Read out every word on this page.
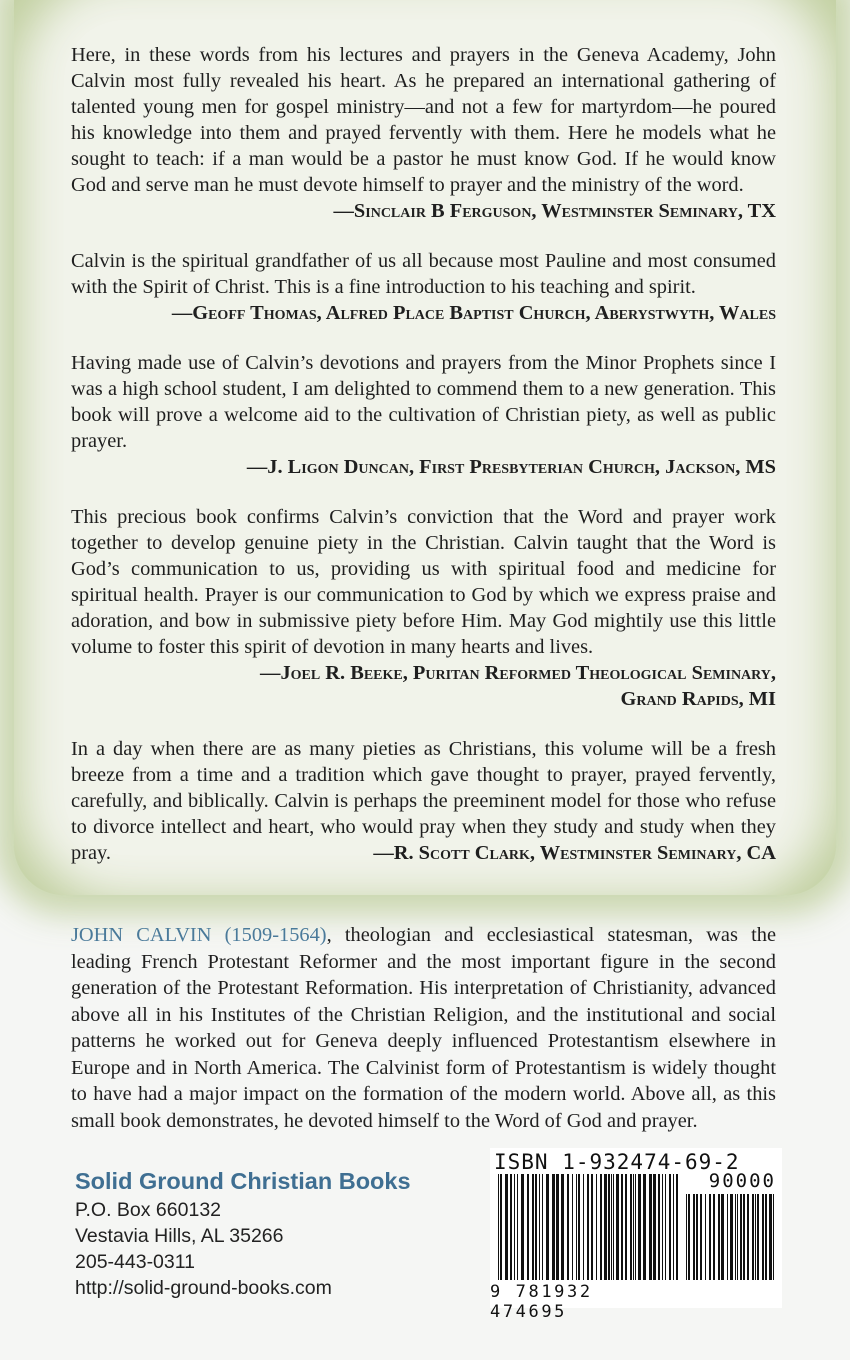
Here, in these words from his lectures and prayers in the Geneva Academy, John Calvin most fully revealed his heart. As he prepared an international gathering of talented young men for gospel ministry—and not a few for martyrdom—he poured his knowledge into them and prayed fervently with them. Here he models what he sought to teach: if a man would be a pastor he must know God. If he would know God and serve man he must devote himself to prayer and the ministry of the word.
—Sinclair B Ferguson, Westminster Seminary, TX
Calvin is the spiritual grandfather of us all because most Pauline and most consumed with the Spirit of Christ. This is a fine introduction to his teaching and spirit.
—Geoff Thomas, Alfred Place Baptist Church, Aberystwyth, Wales
Having made use of Calvin’s devotions and prayers from the Minor Prophets since I was a high school student, I am delighted to commend them to a new generation. This book will prove a welcome aid to the cultivation of Christian piety, as well as public prayer.
—J. Ligon Duncan, First Presbyterian Church, Jackson, MS
This precious book confirms Calvin’s conviction that the Word and prayer work together to develop genuine piety in the Christian. Calvin taught that the Word is God’s communication to us, providing us with spiritual food and medicine for spiritual health. Prayer is our communication to God by which we express praise and adoration, and bow in submissive piety before Him. May God mightily use this little volume to foster this spirit of devotion in many hearts and lives.
—Joel R. Beeke, Puritan Reformed Theological Seminary,
Grand Rapids, MI
In a day when there are as many pieties as Christians, this volume will be a fresh breeze from a time and a tradition which gave thought to prayer, prayed fervently, carefully, and biblically. Calvin is perhaps the preeminent model for those who refuse to divorce intellect and heart, who would pray when they study and study when they pray.	—R. Scott Clark, Westminster Seminary, CA
JOHN CALVIN (1509-1564), theologian and ecclesiastical statesman, was the leading French Protestant Reformer and the most important figure in the second generation of the Protestant Reformation. His interpretation of Christianity, advanced above all in his Institutes of the Christian Religion, and the institutional and social patterns he worked out for Geneva deeply influenced Protestantism elsewhere in Europe and in North America. The Calvinist form of Protestantism is widely thought to have had a major impact on the formation of the modern world. Above all, as this small book demonstrates, he devoted himself to the Word of God and prayer.
Solid Ground Christian Books
P.O. Box 660132
Vestavia Hills, AL 35266
205-443-0311
http://solid-ground-books.com
ISBN 1-932474-69-2
90000
9 781932 474695
